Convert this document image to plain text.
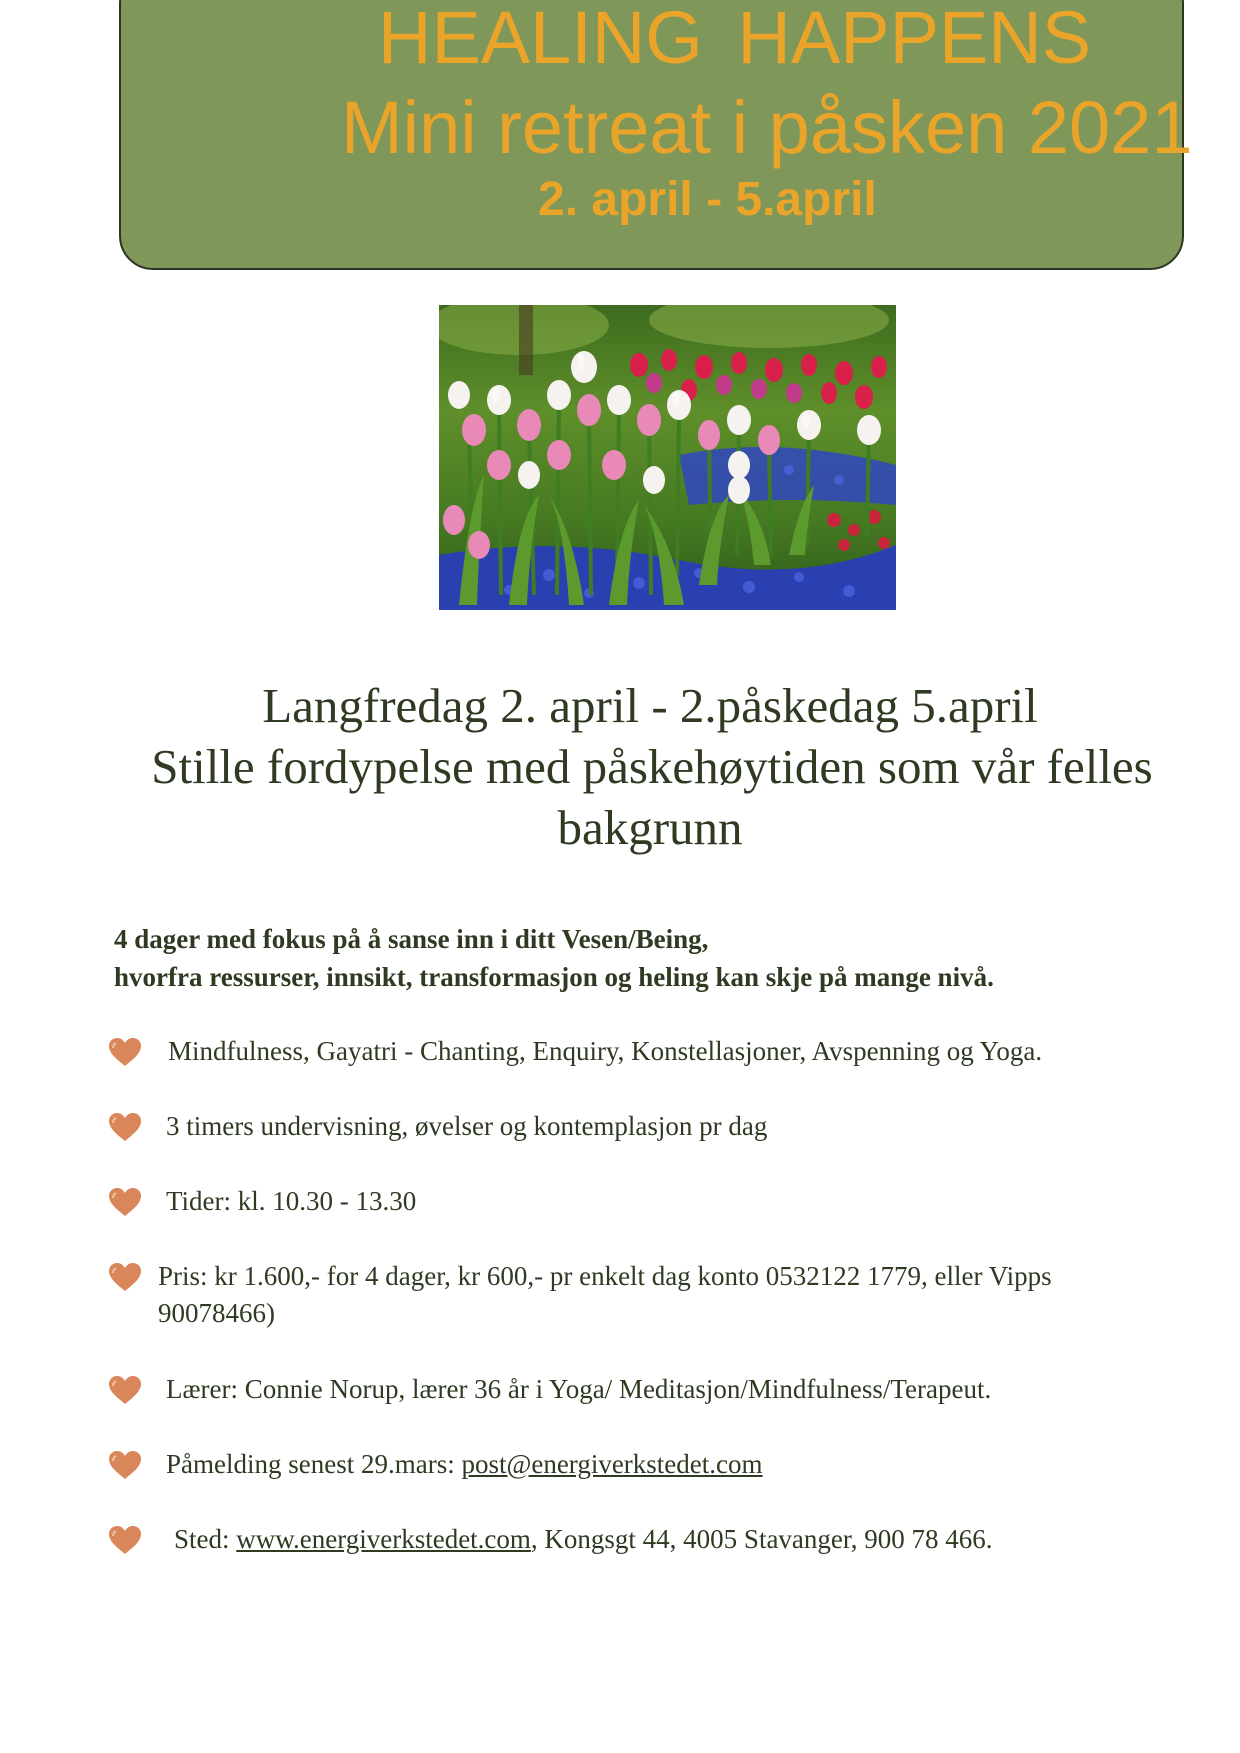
HEALING HAPPENS
Mini retreat i påsken 2021
2. april - 5.april
Langfredag 2. april - 2.påskedag 5.april
Stille fordypelse med påskehøytiden som vår felles
bakgrunn
4 dager med fokus på å sanse inn i ditt Vesen/Being,
hvorfra ressurser, innsikt, transformasjon og heling kan skje på mange nivå.
Mindfulness, Gayatri - Chanting, Enquiry, Konstellasjoner, Avspenning og Yoga.
3 timers undervisning, øvelser og kontemplasjon pr dag
Tider: kl. 10.30 - 13.30
Pris: kr 1.600,- for 4 dager, kr 600,- pr enkelt dag konto 0532122 1779, eller Vipps 90078466)
Lærer: Connie Norup, lærer 36 år i Yoga/ Meditasjon/Mindfulness/Terapeut.
Påmelding senest 29.mars: post@energiverkstedet.com
Sted: www.energiverkstedet.com, Kongsgt 44, 4005 Stavanger, 900 78 466.
